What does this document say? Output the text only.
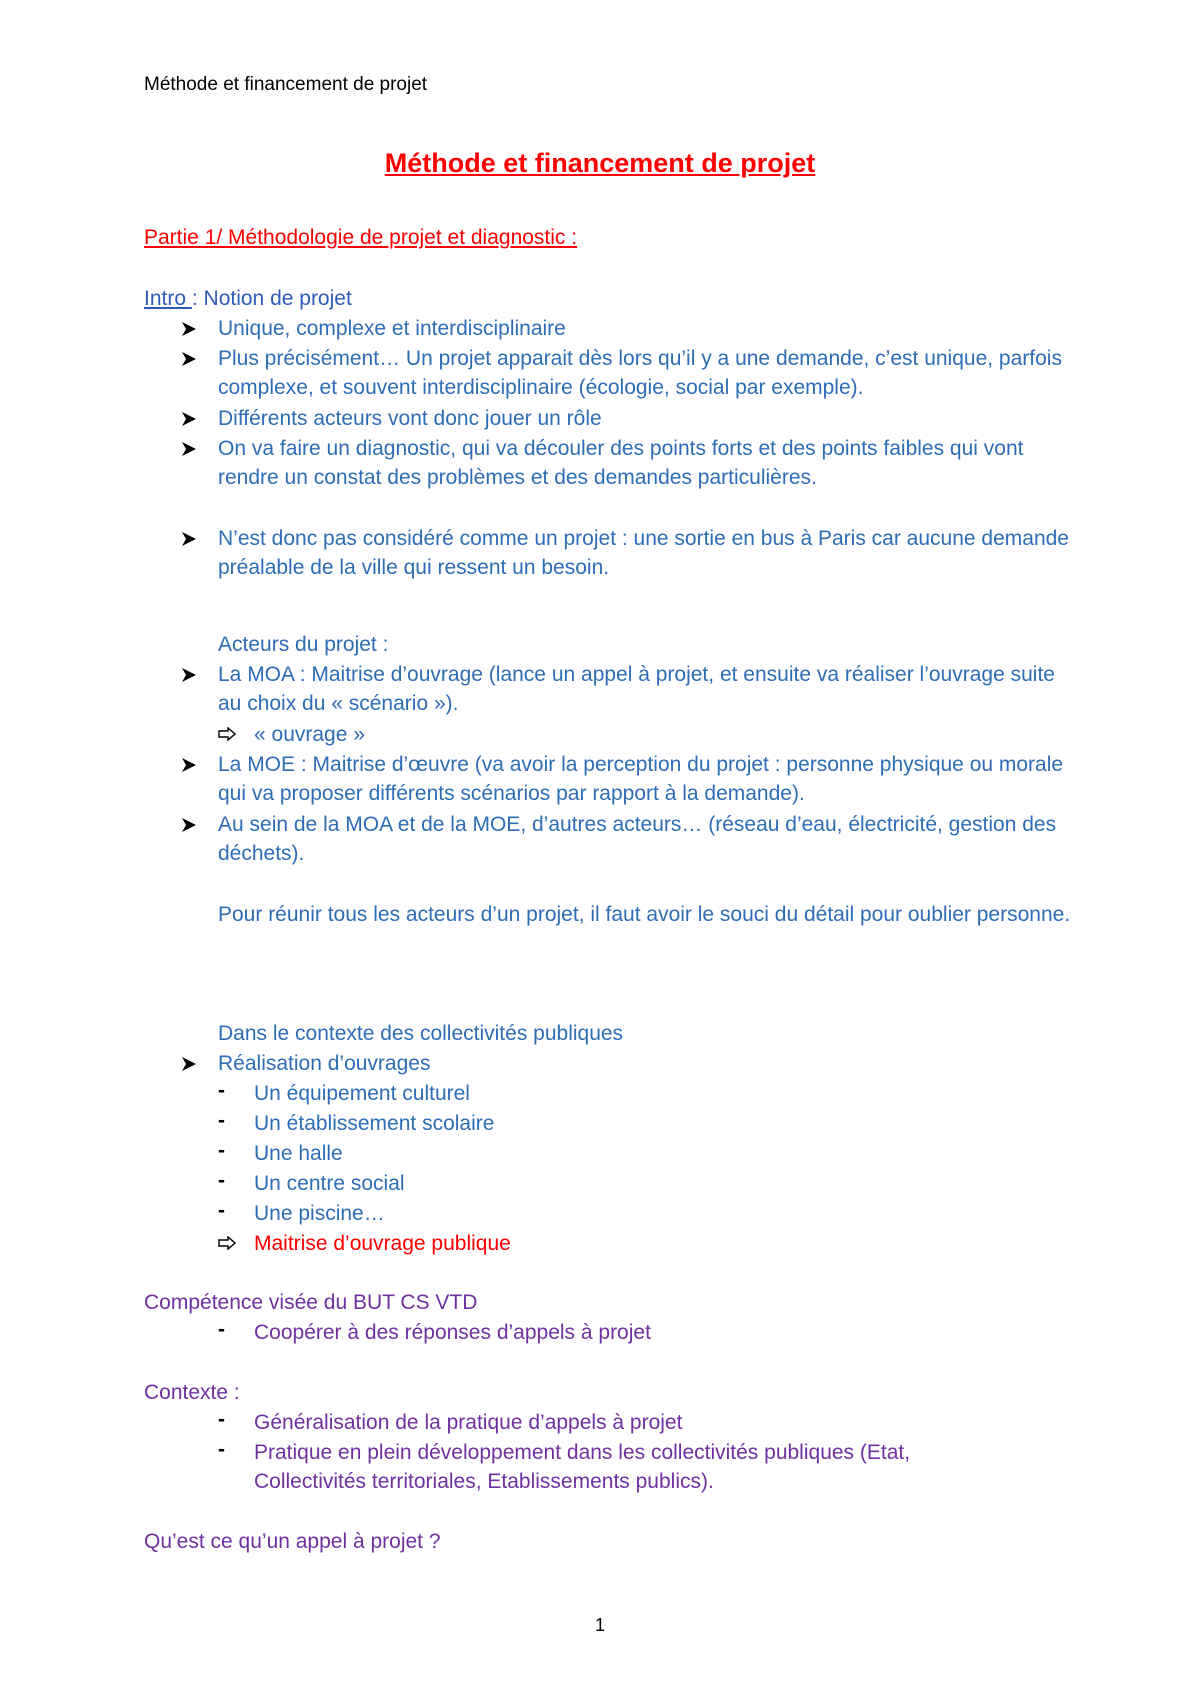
Méthode et financement de projet
Méthode et financement de projet
Partie 1/ Méthodologie de projet et diagnostic :
Intro : Notion de projet
Unique, complexe et interdisciplinaire
Plus précisément… Un projet apparait dès lors qu’il y a une demande, c’est unique, parfois complexe, et souvent interdisciplinaire (écologie, social par exemple).
Différents acteurs vont donc jouer un rôle
On va faire un diagnostic, qui va découler des points forts et des points faibles qui vont rendre un constat des problèmes et des demandes particulières.
N’est donc pas considéré comme un projet : une sortie en bus à Paris car aucune demande préalable de la ville qui ressent un besoin.
Acteurs du projet :
La MOA : Maitrise d’ouvrage (lance un appel à projet, et ensuite va réaliser l’ouvrage suite au choix du « scénario »).
« ouvrage »
La MOE : Maitrise d’œuvre (va avoir la perception du projet : personne physique ou morale qui va proposer différents scénarios par rapport à la demande).
Au sein de la MOA et de la MOE, d’autres acteurs… (réseau d’eau, électricité, gestion des déchets).
Pour réunir tous les acteurs d’un projet, il faut avoir le souci du détail pour oublier personne.
Dans le contexte des collectivités publiques
Réalisation d’ouvrages
- Un équipement culturel
- Un établissement scolaire
- Une halle
- Un centre social
- Une piscine…
Maitrise d’ouvrage publique
Compétence visée du BUT CS VTD
- Coopérer à des réponses d’appels à projet
Contexte :
- Généralisation de la pratique d’appels à projet
- Pratique en plein développement dans les collectivités publiques (Etat, Collectivités territoriales, Etablissements publics).
Qu’est ce qu’un appel à projet ?
1
